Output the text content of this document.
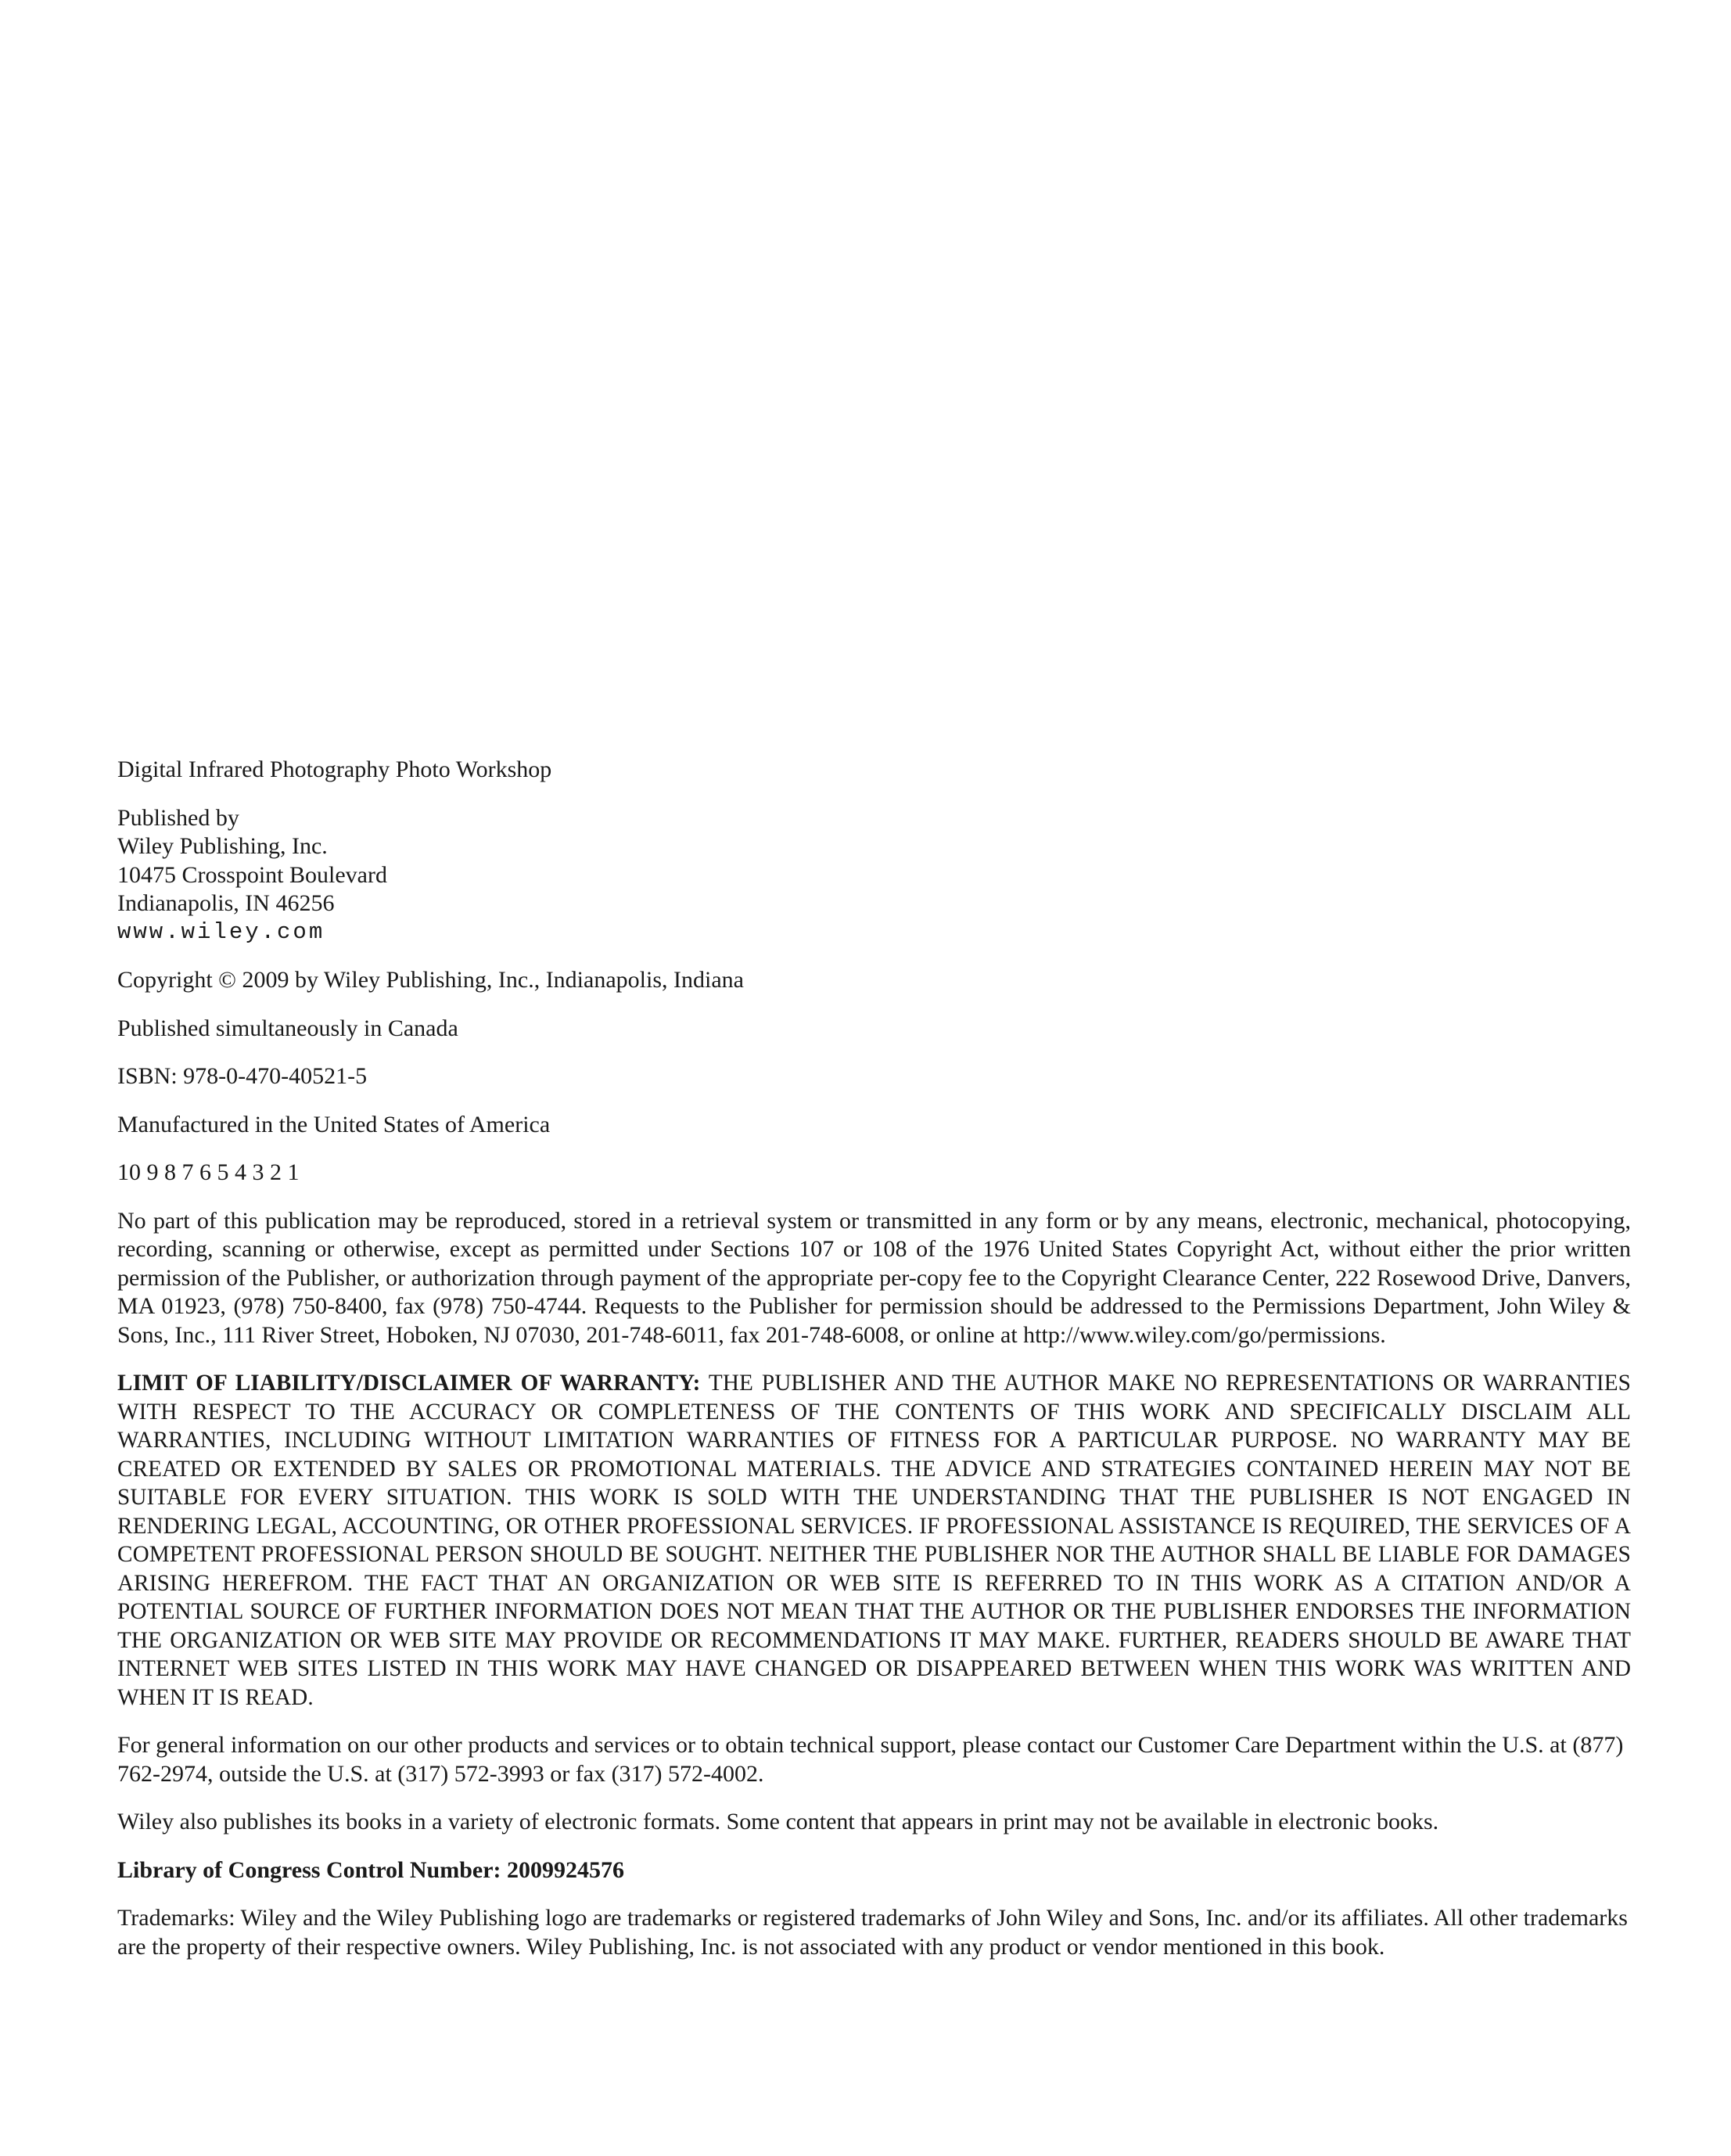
Digital Infrared Photography Photo Workshop

Published by
Wiley Publishing, Inc.
10475 Crosspoint Boulevard
Indianapolis, IN 46256
www.wiley.com

Copyright © 2009 by Wiley Publishing, Inc., Indianapolis, Indiana

Published simultaneously in Canada

ISBN: 978-0-470-40521-5

Manufactured in the United States of America

10 9 8 7 6 5 4 3 2 1

No part of this publication may be reproduced, stored in a retrieval system or transmitted in any form or by any means, electronic, mechanical, photocopying, recording, scanning or otherwise, except as permitted under Sections 107 or 108 of the 1976 United States Copyright Act, without either the prior written permission of the Publisher, or authorization through payment of the appropriate per-copy fee to the Copyright Clearance Center, 222 Rosewood Drive, Danvers, MA 01923, (978) 750-8400, fax (978) 750-4744. Requests to the Publisher for permission should be addressed to the Permissions Department, John Wiley & Sons, Inc., 111 River Street, Hoboken, NJ 07030, 201-748-6011, fax 201-748-6008, or online at http://www.wiley.com/go/permissions.

LIMIT OF LIABILITY/DISCLAIMER OF WARRANTY: THE PUBLISHER AND THE AUTHOR MAKE NO REPRESENTATIONS OR WARRANTIES WITH RESPECT TO THE ACCURACY OR COMPLETENESS OF THE CONTENTS OF THIS WORK AND SPECIFICALLY DISCLAIM ALL WARRANTIES, INCLUDING WITHOUT LIMITATION WARRANTIES OF FITNESS FOR A PARTICULAR PURPOSE. NO WARRANTY MAY BE CREATED OR EXTENDED BY SALES OR PROMOTIONAL MATERIALS. THE ADVICE AND STRATEGIES CONTAINED HEREIN MAY NOT BE SUITABLE FOR EVERY SITUATION. THIS WORK IS SOLD WITH THE UNDERSTANDING THAT THE PUBLISHER IS NOT ENGAGED IN RENDERING LEGAL, ACCOUNTING, OR OTHER PROFESSIONAL SERVICES. IF PROFESSIONAL ASSISTANCE IS REQUIRED, THE SERVICES OF A COMPETENT PROFESSIONAL PERSON SHOULD BE SOUGHT. NEITHER THE PUBLISHER NOR THE AUTHOR SHALL BE LIABLE FOR DAMAGES ARISING HEREFROM. THE FACT THAT AN ORGANIZATION OR WEB SITE IS REFERRED TO IN THIS WORK AS A CITATION AND/OR A POTENTIAL SOURCE OF FURTHER INFORMATION DOES NOT MEAN THAT THE AUTHOR OR THE PUBLISHER ENDORSES THE INFORMATION THE ORGANIZATION OR WEB SITE MAY PROVIDE OR RECOMMENDATIONS IT MAY MAKE. FURTHER, READERS SHOULD BE AWARE THAT INTERNET WEB SITES LISTED IN THIS WORK MAY HAVE CHANGED OR DISAPPEARED BETWEEN WHEN THIS WORK WAS WRITTEN AND WHEN IT IS READ.

For general information on our other products and services or to obtain technical support, please contact our Customer Care Department within the U.S. at (877) 762-2974, outside the U.S. at (317) 572-3993 or fax (317) 572-4002.

Wiley also publishes its books in a variety of electronic formats. Some content that appears in print may not be available in electronic books.

Library of Congress Control Number: 2009924576

Trademarks: Wiley and the Wiley Publishing logo are trademarks or registered trademarks of John Wiley and Sons, Inc. and/or its affiliates. All other trademarks are the property of their respective owners. Wiley Publishing, Inc. is not associated with any product or vendor mentioned in this book.
